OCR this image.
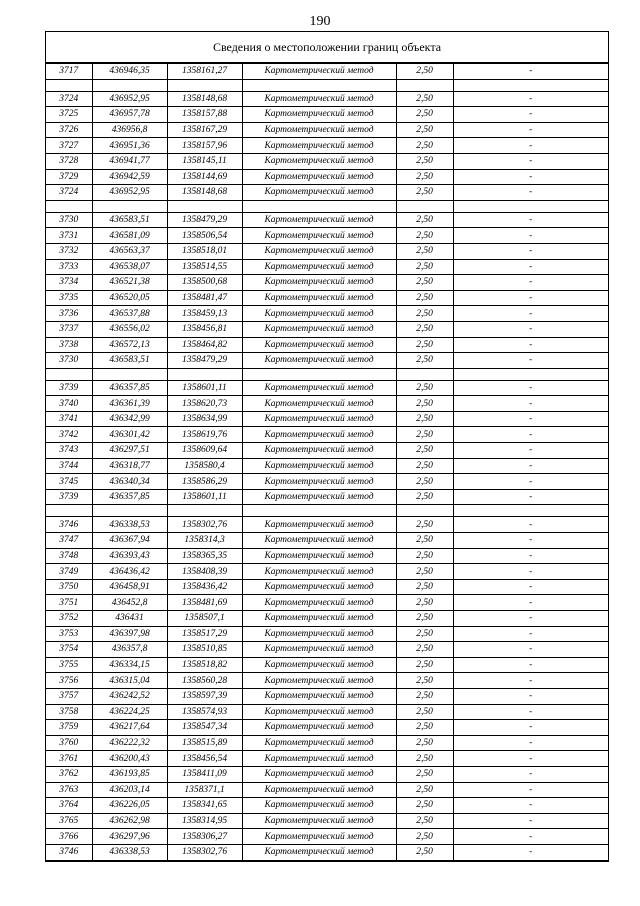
190
Сведения о местоположении границ объекта
3717	436946,35	1358161,27	Картометрический метод	2,50	-

3724	436952,95	1358148,68	Картометрический метод	2,50	-
3725	436957,78	1358157,88	Картометрический метод	2,50	-
3726	436956,8	1358167,29	Картометрический метод	2,50	-
3727	436951,36	1358157,96	Картометрический метод	2,50	-
3728	436941,77	1358145,11	Картометрический метод	2,50	-
3729	436942,59	1358144,69	Картометрический метод	2,50	-
3724	436952,95	1358148,68	Картометрический метод	2,50	-

3730	436583,51	1358479,29	Картометрический метод	2,50	-
3731	436581,09	1358506,54	Картометрический метод	2,50	-
3732	436563,37	1358518,01	Картометрический метод	2,50	-
3733	436538,07	1358514,55	Картометрический метод	2,50	-
3734	436521,38	1358500,68	Картометрический метод	2,50	-
3735	436520,05	1358481,47	Картометрический метод	2,50	-
3736	436537,88	1358459,13	Картометрический метод	2,50	-
3737	436556,02	1358456,81	Картометрический метод	2,50	-
3738	436572,13	1358464,82	Картометрический метод	2,50	-
3730	436583,51	1358479,29	Картометрический метод	2,50	-

3739	436357,85	1358601,11	Картометрический метод	2,50	-
3740	436361,39	1358620,73	Картометрический метод	2,50	-
3741	436342,99	1358634,99	Картометрический метод	2,50	-
3742	436301,42	1358619,76	Картометрический метод	2,50	-
3743	436297,51	1358609,64	Картометрический метод	2,50	-
3744	436318,77	1358580,4	Картометрический метод	2,50	-
3745	436340,34	1358586,29	Картометрический метод	2,50	-
3739	436357,85	1358601,11	Картометрический метод	2,50	-

3746	436338,53	1358302,76	Картометрический метод	2,50	-
3747	436367,94	1358314,3	Картометрический метод	2,50	-
3748	436393,43	1358365,35	Картометрический метод	2,50	-
3749	436436,42	1358408,39	Картометрический метод	2,50	-
3750	436458,91	1358436,42	Картометрический метод	2,50	-
3751	436452,8	1358481,69	Картометрический метод	2,50	-
3752	436431	1358507,1	Картометрический метод	2,50	-
3753	436397,98	1358517,29	Картометрический метод	2,50	-
3754	436357,8	1358510,85	Картометрический метод	2,50	-
3755	436334,15	1358518,82	Картометрический метод	2,50	-
3756	436315,04	1358560,28	Картометрический метод	2,50	-
3757	436242,52	1358597,39	Картометрический метод	2,50	-
3758	436224,25	1358574,93	Картометрический метод	2,50	-
3759	436217,64	1358547,34	Картометрический метод	2,50	-
3760	436222,32	1358515,89	Картометрический метод	2,50	-
3761	436200,43	1358456,54	Картометрический метод	2,50	-
3762	436193,85	1358411,09	Картометрический метод	2,50	-
3763	436203,14	1358371,1	Картометрический метод	2,50	-
3764	436226,05	1358341,65	Картометрический метод	2,50	-
3765	436262,98	1358314,95	Картометрический метод	2,50	-
3766	436297,96	1358306,27	Картометрический метод	2,50	-
3746	436338,53	1358302,76	Картометрический метод	2,50	-
